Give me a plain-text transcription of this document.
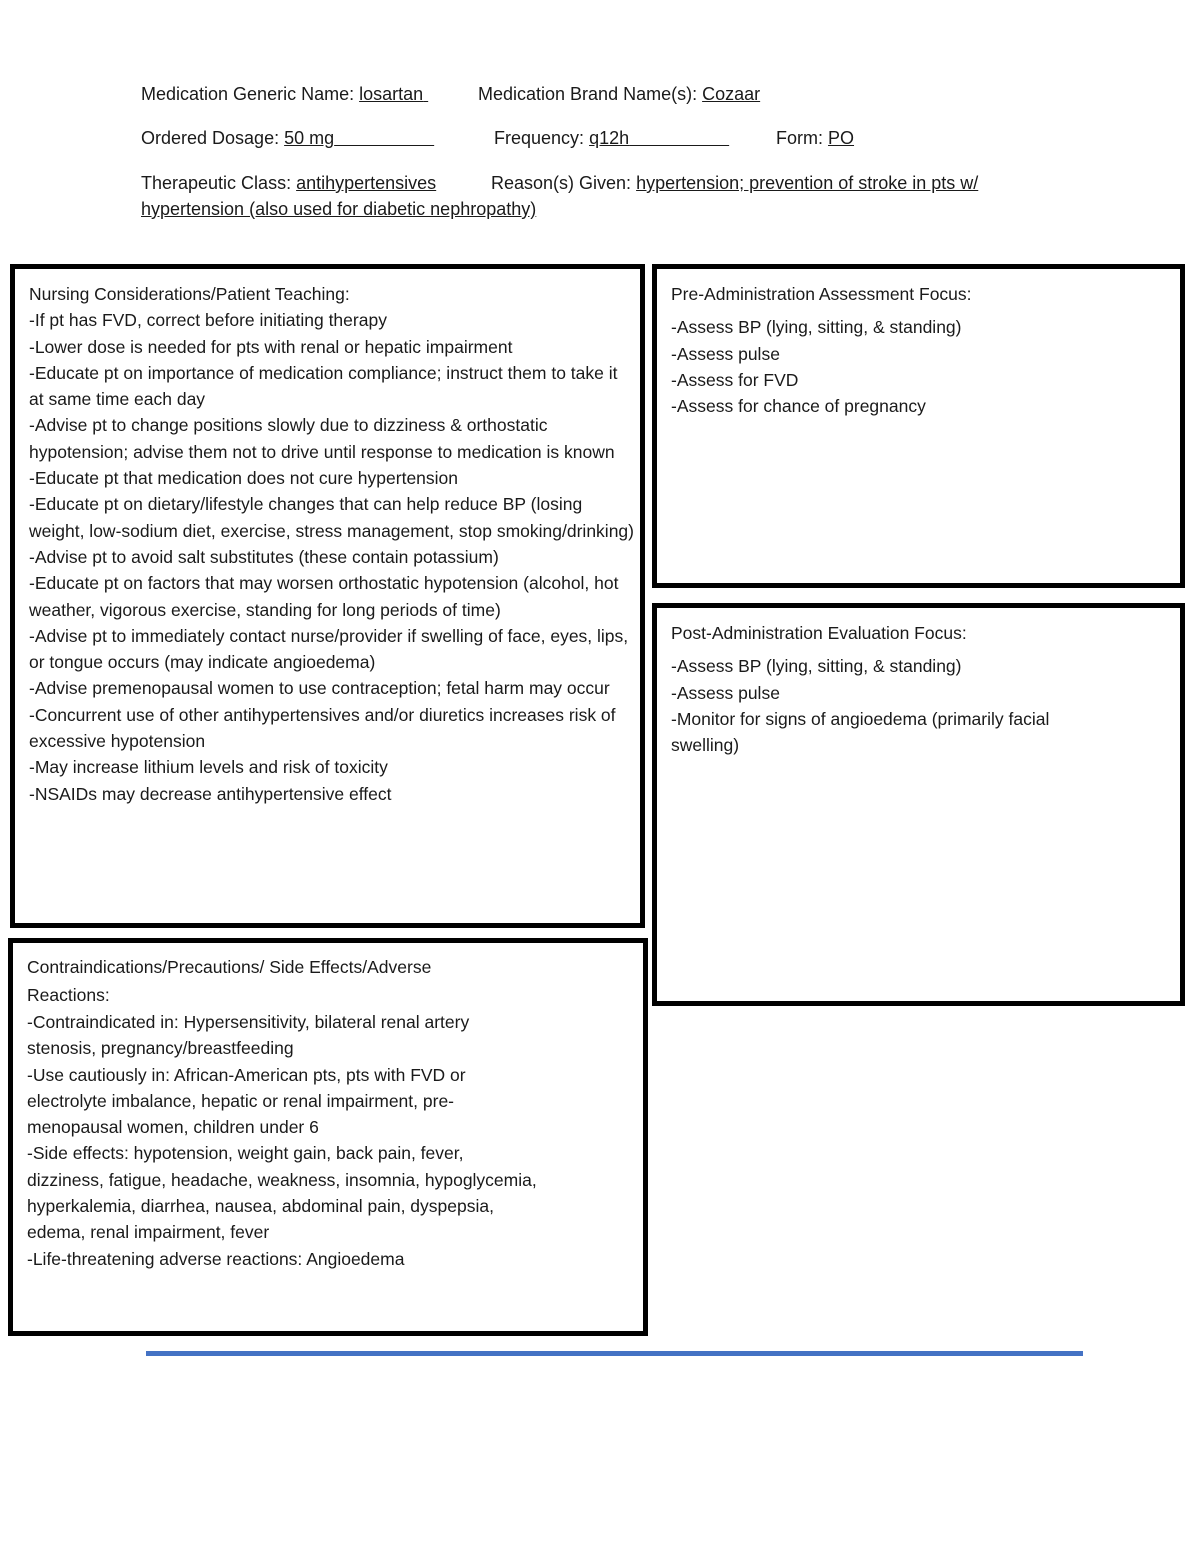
Medication Generic Name: losartan	Medication Brand Name(s): Cozaar
Ordered Dosage: 50 mg	Frequency: q12h	Form: PO
Therapeutic Class: antihypertensives	Reason(s) Given: hypertension; prevention of stroke in pts w/
hypertension (also used for diabetic nephropathy)
Nursing Considerations/Patient Teaching:
-If pt has FVD, correct before initiating therapy
-Lower dose is needed for pts with renal or hepatic impairment
-Educate pt on importance of medication compliance; instruct them to take it at same time each day
-Advise pt to change positions slowly due to dizziness & orthostatic hypotension; advise them not to drive until response to medication is known
-Educate pt that medication does not cure hypertension
-Educate pt on dietary/lifestyle changes that can help reduce BP (losing weight, low-sodium diet, exercise, stress management, stop smoking/drinking)
-Advise pt to avoid salt substitutes (these contain potassium)
-Educate pt on factors that may worsen orthostatic hypotension (alcohol, hot weather, vigorous exercise, standing for long periods of time)
-Advise pt to immediately contact nurse/provider if swelling of face, eyes, lips, or tongue occurs (may indicate angioedema)
-Advise premenopausal women to use contraception; fetal harm may occur
-Concurrent use of other antihypertensives and/or diuretics increases risk of excessive hypotension
-May increase lithium levels and risk of toxicity
-NSAIDs may decrease antihypertensive effect
Pre-Administration Assessment Focus:
-Assess BP (lying, sitting, & standing)
-Assess pulse
-Assess for FVD
-Assess for chance of pregnancy
Post-Administration Evaluation Focus:
-Assess BP (lying, sitting, & standing)
-Assess pulse
-Monitor for signs of angioedema (primarily facial swelling)
Contraindications/Precautions/ Side Effects/Adverse
Reactions:
-Contraindicated in: Hypersensitivity, bilateral renal artery stenosis, pregnancy/breastfeeding
-Use cautiously in: African-American pts, pts with FVD or electrolyte imbalance, hepatic or renal impairment, pre-menopausal women, children under 6
-Side effects: hypotension, weight gain, back pain, fever, dizziness, fatigue, headache, weakness, insomnia, hypoglycemia, hyperkalemia, diarrhea, nausea, abdominal pain, dyspepsia, edema, renal impairment, fever
-Life-threatening adverse reactions: Angioedema
